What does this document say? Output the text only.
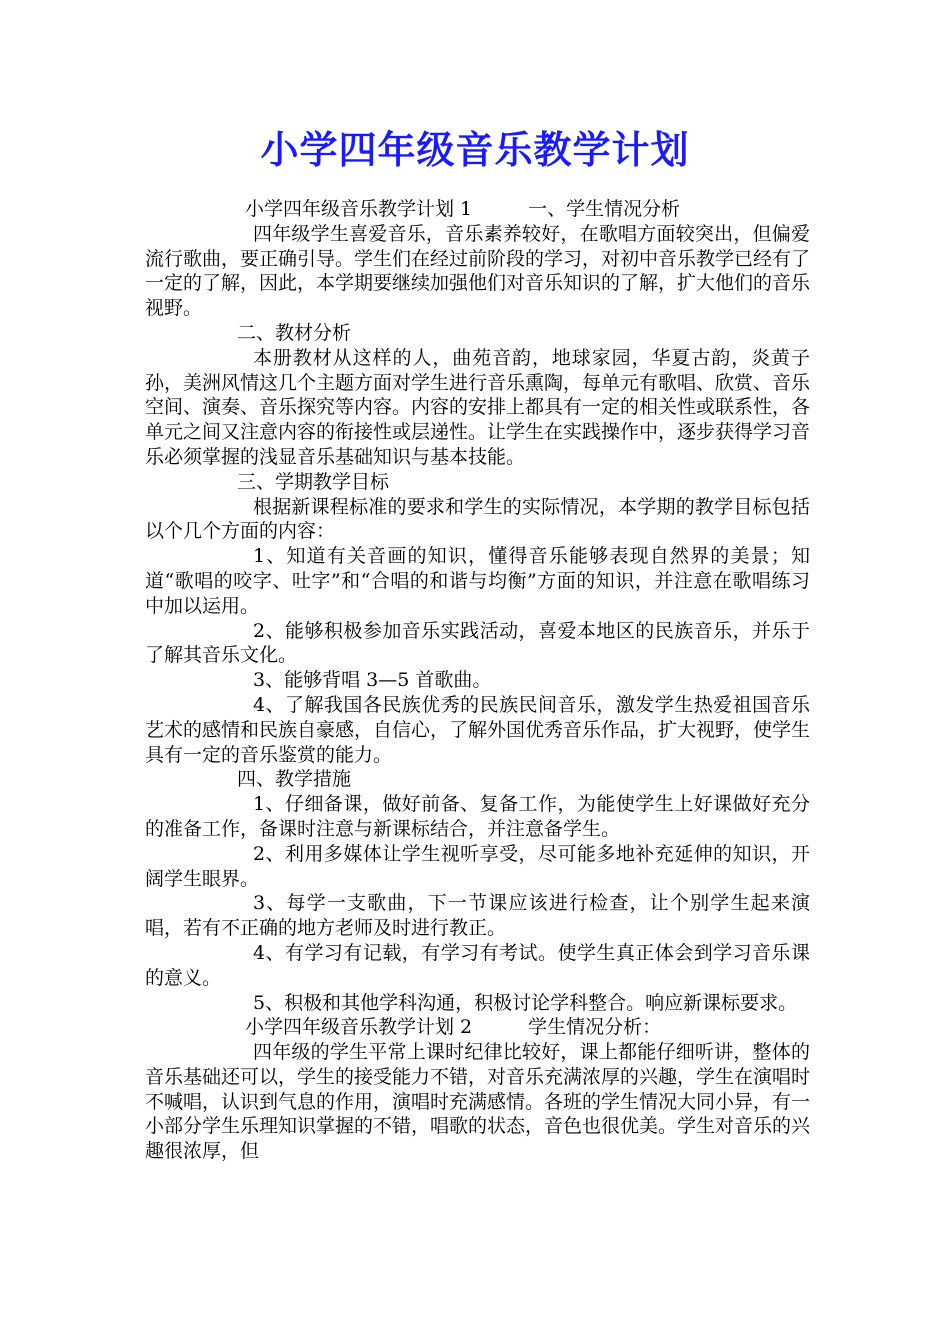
小学四年级音乐教学计划

小学四年级音乐教学计划 1	一、学生情况分析

四年级学生喜爱音乐，音乐素养较好，在歌唱方面较突出，但偏爱流行歌曲，要正确引导。学生们在经过前阶段的学习，对初中音乐教学已经有了一定的了解，因此，本学期要继续加强他们对音乐知识的了解，扩大他们的音乐视野。

二、教材分析

本册教材从这样的人，曲苑音韵，地球家园，华夏古韵，炎黄子孙，美洲风情这几个主题方面对学生进行音乐熏陶，每单元有歌唱、欣赏、音乐空间、演奏、音乐探究等内容。内容的安排上都具有一定的相关性或联系性，各单元之间又注意内容的衔接性或层递性。让学生在实践操作中，逐步获得学习音乐必须掌握的浅显音乐基础知识与基本技能。

三、学期教学目标

根据新课程标准的要求和学生的实际情况，本学期的教学目标包括以个几个方面的内容：

1、知道有关音画的知识，懂得音乐能够表现自然界的美景；知道“歌唱的咬字、吐字”和“合唱的和谐与均衡”方面的知识，并注意在歌唱练习中加以运用。

2、能够积极参加音乐实践活动，喜爱本地区的民族音乐，并乐于了解其音乐文化。

3、能够背唱 3—5 首歌曲。

4、了解我国各民族优秀的民族民间音乐，激发学生热爱祖国音乐艺术的感情和民族自豪感，自信心，了解外国优秀音乐作品，扩大视野，使学生具有一定的音乐鉴赏的能力。

四、教学措施

1、仔细备课，做好前备、复备工作，为能使学生上好课做好充分的准备工作，备课时注意与新课标结合，并注意备学生。

2、利用多媒体让学生视听享受，尽可能多地补充延伸的知识，开阔学生眼界。

3、每学一支歌曲，下一节课应该进行检查，让个别学生起来演唱，若有不正确的地方老师及时进行教正。

4、有学习有记载，有学习有考试。使学生真正体会到学习音乐课的意义。

5、积极和其他学科沟通，积极讨论学科整合。响应新课标要求。

小学四年级音乐教学计划 2	学生情况分析：

四年级的学生平常上课时纪律比较好，课上都能仔细听讲，整体的音乐基础还可以，学生的接受能力不错，对音乐充满浓厚的兴趣，学生在演唱时不喊唱，认识到气息的作用，演唱时充满感情。各班的学生情况大同小异，有一小部分学生乐理知识掌握的不错，唱歌的状态，音色也很优美。学生对音乐的兴趣很浓厚，但
